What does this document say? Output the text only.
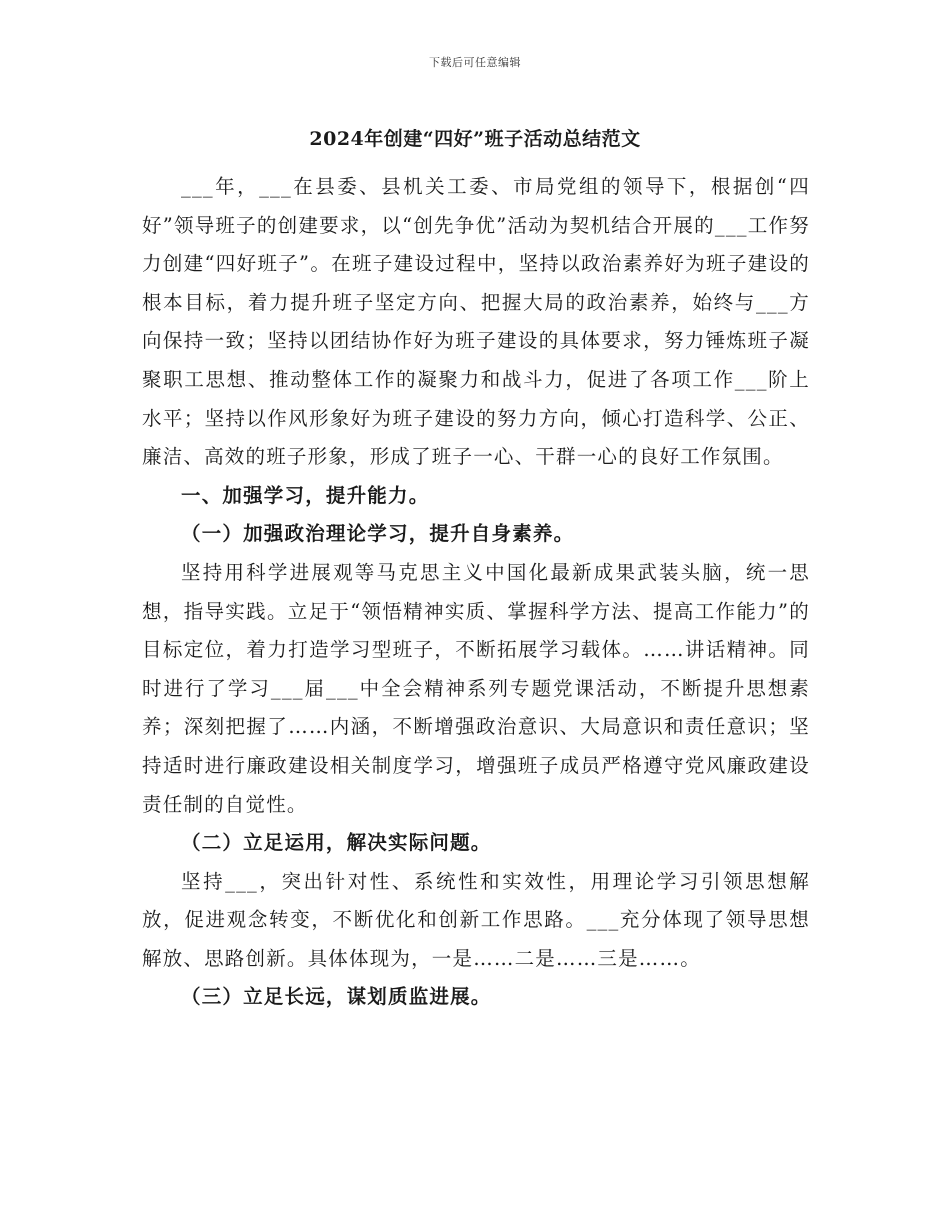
下载后可任意编辑
2024年创建“四好”班子活动总结范文

___年，___在县委、县机关工委、市局党组的领导下，根据创“四好”领导班子的创建要求，以“创先争优”活动为契机结合开展的___工作努力创建“四好班子”。在班子建设过程中，坚持以政治素养好为班子建设的根本目标，着力提升班子坚定方向、把握大局的政治素养，始终与___方向保持一致；坚持以团结协作好为班子建设的具体要求，努力锤炼班子凝聚职工思想、推动整体工作的凝聚力和战斗力，促进了各项工作___阶上水平；坚持以作风形象好为班子建设的努力方向，倾心打造科学、公正、廉洁、高效的班子形象，形成了班子一心、干群一心的良好工作氛围。

一、加强学习，提升能力。

（一）加强政治理论学习，提升自身素养。

坚持用科学进展观等马克思主义中国化最新成果武装头脑，统一思想，指导实践。立足于“领悟精神实质、掌握科学方法、提高工作能力”的目标定位，着力打造学习型班子，不断拓展学习载体。……讲话精神。同时进行了学习___届___中全会精神系列专题党课活动，不断提升思想素养；深刻把握了……内涵，不断增强政治意识、大局意识和责任意识；坚持适时进行廉政建设相关制度学习，增强班子成员严格遵守党风廉政建设责任制的自觉性。

（二）立足运用，解决实际问题。

坚持___，突出针对性、系统性和实效性，用理论学习引领思想解放，促进观念转变，不断优化和创新工作思路。___充分体现了领导思想解放、思路创新。具体体现为，一是……二是……三是……。

（三）立足长远，谋划质监进展。
